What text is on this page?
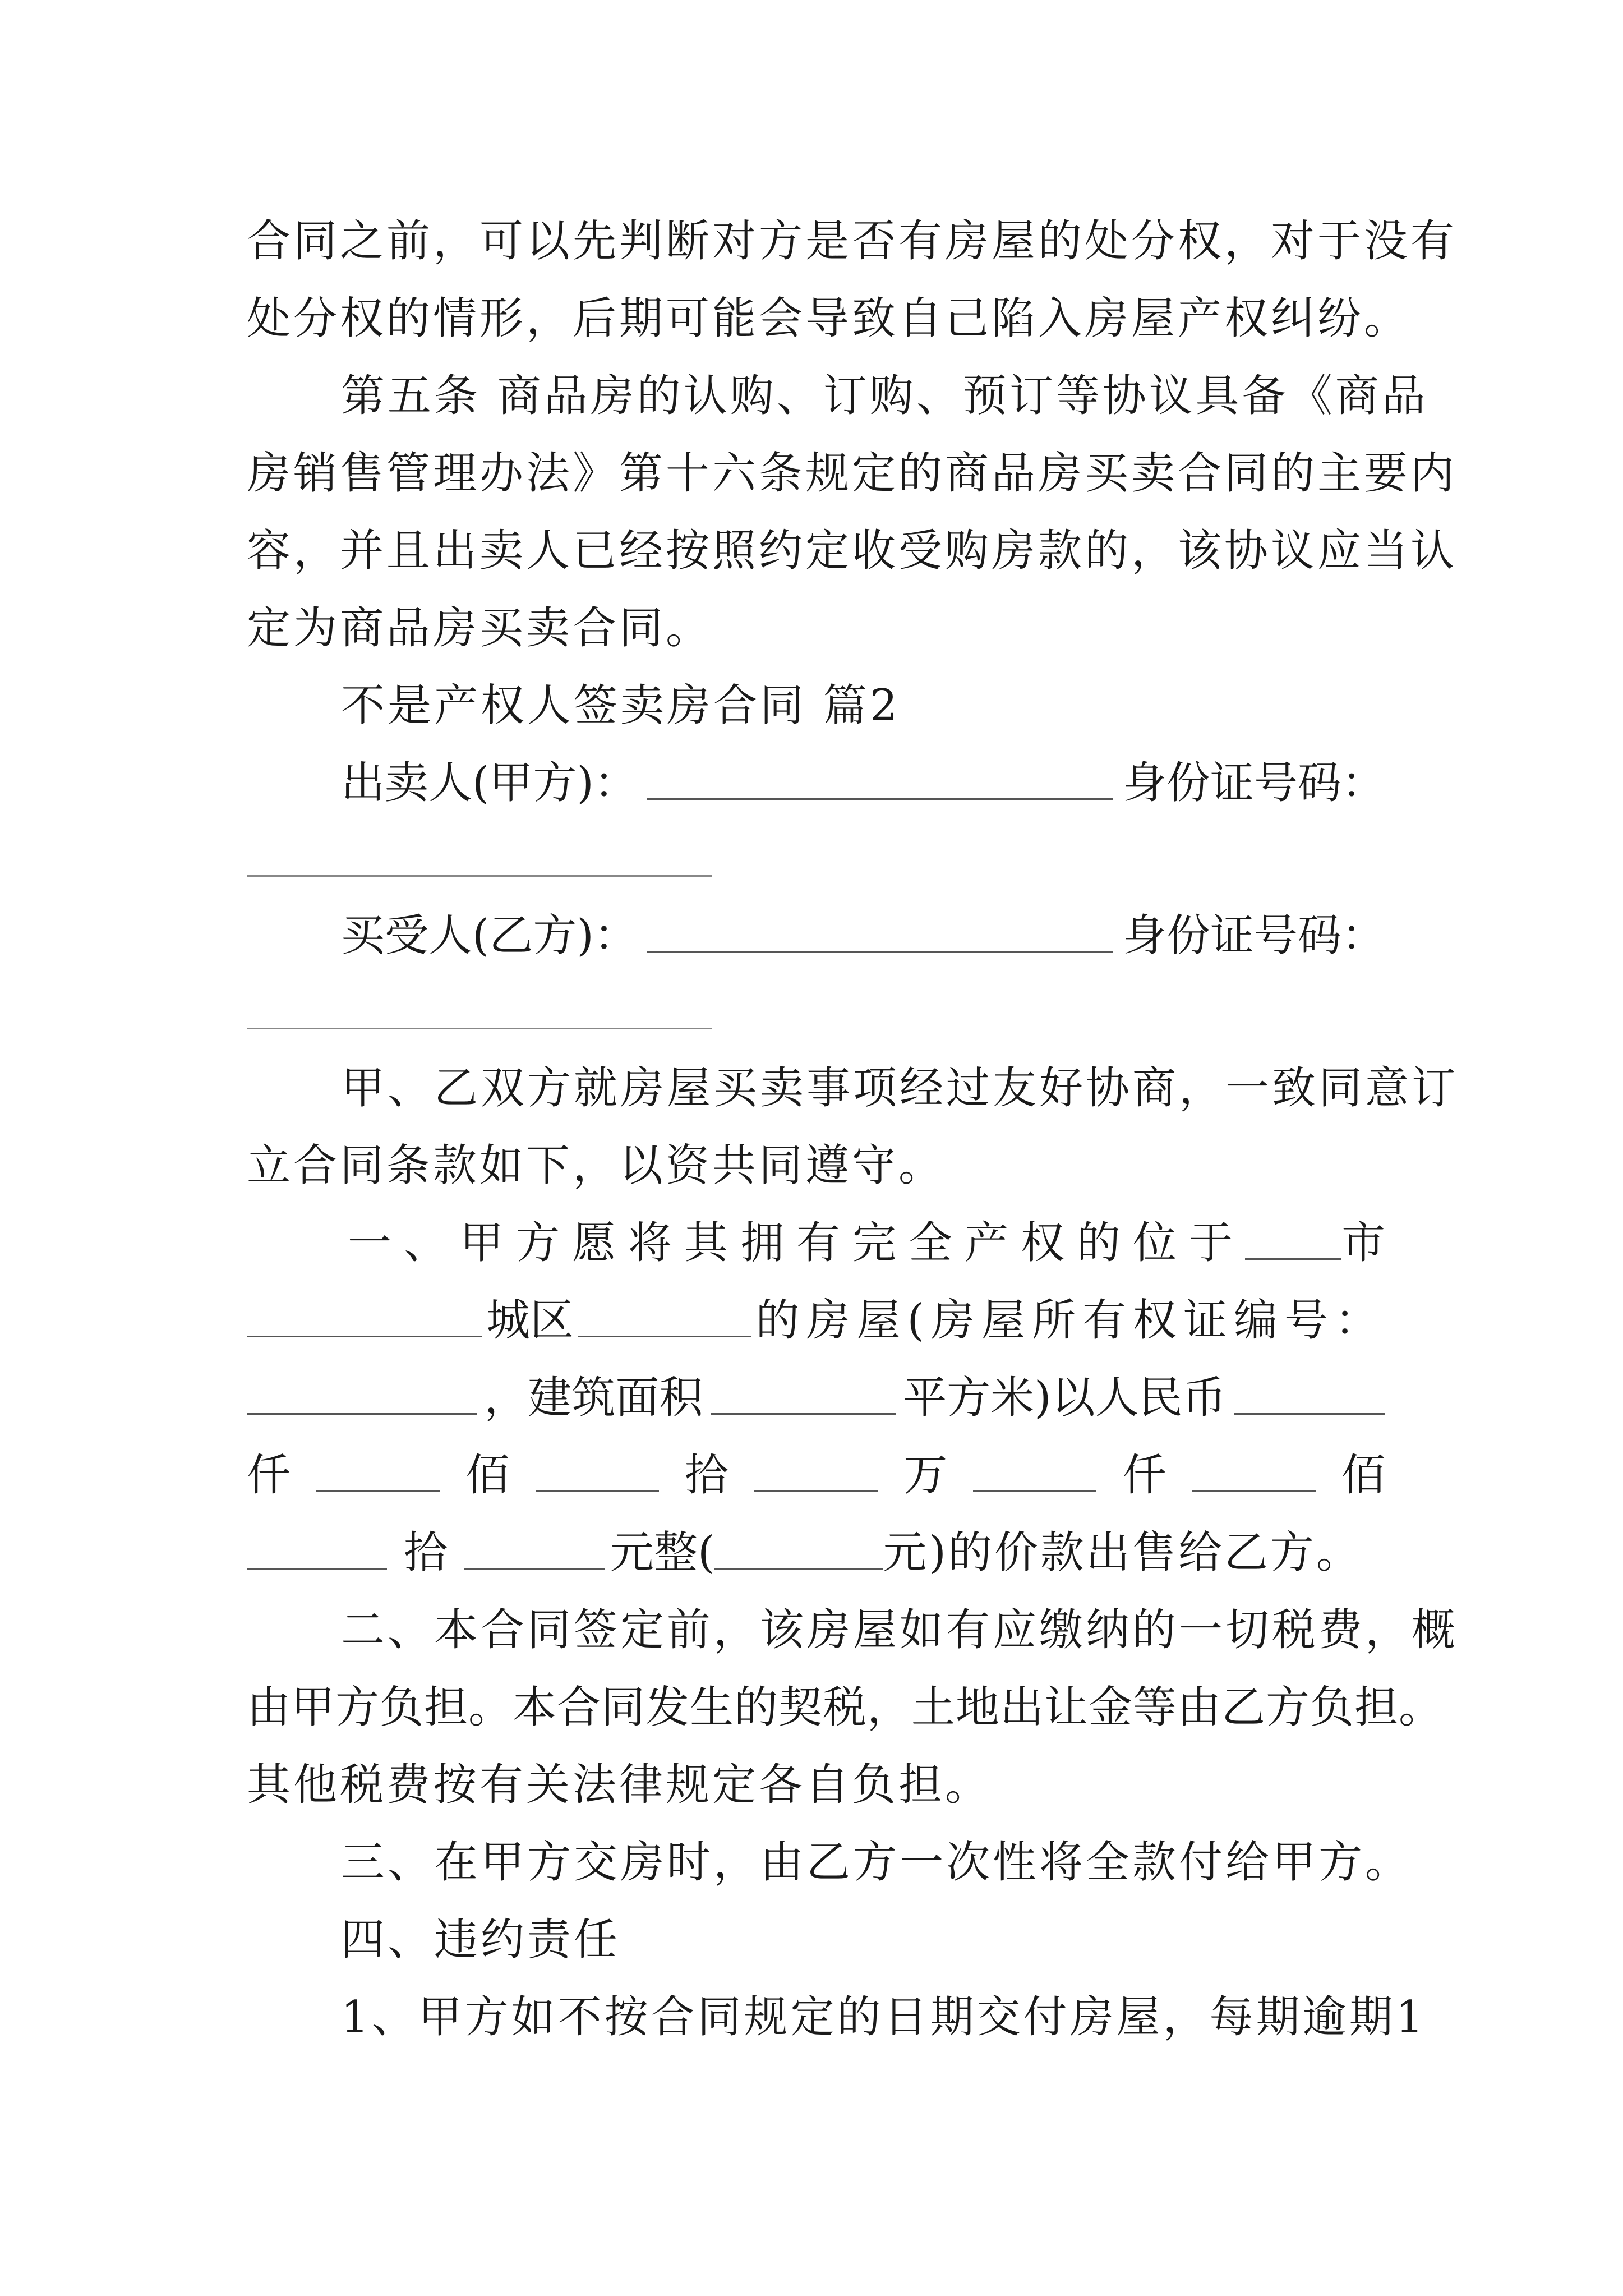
合同之前，可以先判断对方是否有房屋的处分权，对于没有
处分权的情形，后期可能会导致自己陷入房屋产权纠纷。
第五条 商品房的认购、订购、预订等协议具备《商品
房销售管理办法》第十六条规定的商品房买卖合同的主要内
容，并且出卖人已经按照约定收受购房款的，该协议应当认
定为商品房买卖合同。
不是产权人签卖房合同 篇2
出卖人(甲方)：	身份证号码：
买受人(乙方)：	身份证号码：
甲、乙双方就房屋买卖事项经过友好协商，一致同意订
立合同条款如下，以资共同遵守。
一、甲方愿将其拥有完全产权的位于 市
城区	的房屋(房屋所有权证编号：
，建筑面积	平方米)以人民币
仟	佰	拾	万	仟	佰
拾	元整(	元)的价款出售给乙方。
二、本合同签定前，该房屋如有应缴纳的一切税费，概
由甲方负担。本合同发生的契税，土地出让金等由乙方负担。
其他税费按有关法律规定各自负担。
三、在甲方交房时，由乙方一次性将全款付给甲方。
四、违约责任
1、甲方如不按合同规定的日期交付房屋，每期逾期1
